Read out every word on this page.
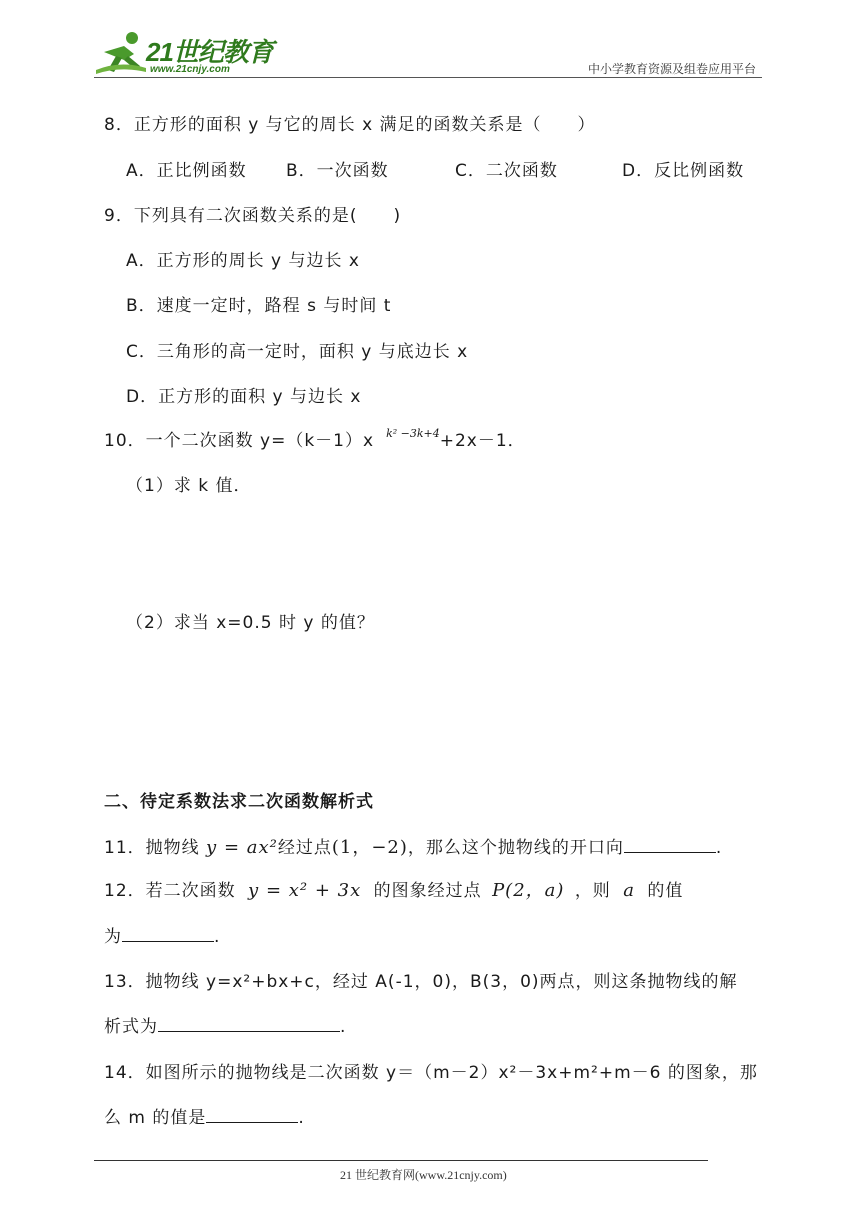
21世纪教育
www.21cnjy.com	中小学教育资源及组卷应用平台
8．正方形的面积 y 与它的周长 x 满足的函数关系是（　　）
A．正比例函数 B．一次函数	C．二次函数	D．反比例函数
9．下列具有二次函数关系的是(　　)
A．正方形的周长 y 与边长 x
B．速度一定时，路程 s 与时间 t
C．三角形的高一定时，面积 y 与底边长 x
D．正方形的面积 y 与边长 x
10．一个二次函数 y=（k－1）x $^{k^2 -3k+4}$+2x－1．
（1）求 k 值．
（2）求当 x=0.5 时 y 的值？
二、待定系数法求二次函数解析式
11．抛物线 y = ax²经过点(1，−2)，那么这个抛物线的开口向	.
12．若二次函数 y = x² + 3x 的图象经过点 P(2，a) ，则 a 的值
为	.
13．抛物线 y=x²+bx+c，经过 A(-1，0)，B(3，0)两点，则这条抛物线的解
析式为	.
14．如图所示的抛物线是二次函数 y＝（m－2）x²－3x+m²+m－6 的图象，那
么 m 的值是	.
21 世纪教育网(www.21cnjy.com)
